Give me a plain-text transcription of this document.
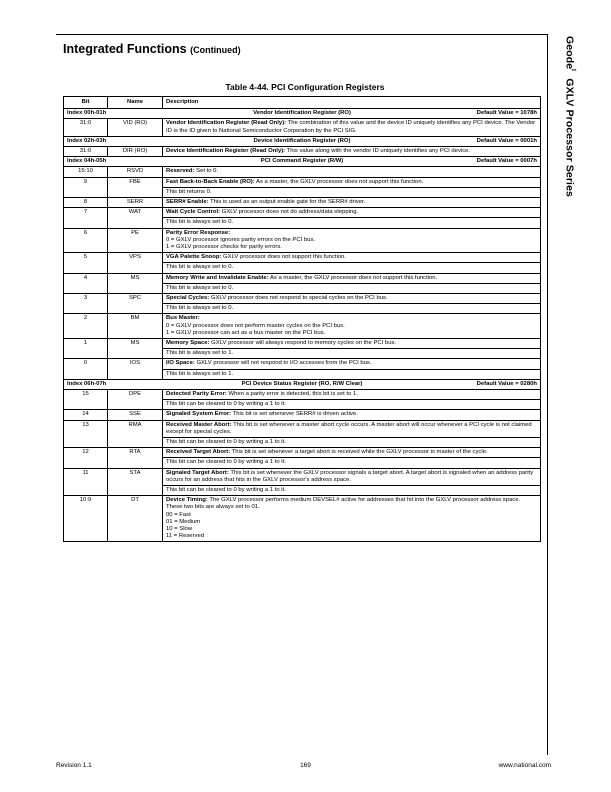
Geode™ GXLV Processor Series
Integrated Functions (Continued)
Table 4-44. PCI Configuration Registers
Bit	Name	Description

Index 00h-01h Vendor Identification Register (RO) Default Value = 1078h		

31:0	VID (RO)	Vendor Identification Register (Read Only): The combination of this value and the device ID uniquely identifies any PCI device. The Vendor ID is the ID given to National Semiconductor Corporation by the PCI SIG.

Index 02h-03h Device Identification Register (RO) Default Value = 0001h		

31:0	DIR (RO)	Device Identification Register (Read Only): This value along with the vendor ID uniquely identifies any PCI device.

Index 04h-05h PCI Command Register (R/W) Default Value = 0007h		

15:10	RSVD	Reserved: Set to 0.

9	FBE	Fast Back-to-Back Enable (RO): As a master, the GXLV processor does not support this function.
This bit returns 0.

8	SERR	SERR# Enable: This is used as an output enable gate for the SERR# driver.

7	WAT	Wait Cycle Control: GXLV processor does not do address/data stepping.
This bit is always set to 0.

6	PE	Parity Error Response:
0 = GXLV processor ignores parity errors on the PCI bus.
1 = GXLV processor checks for parity errors.

5	VPS	VGA Palette Snoop: GXLV processor does not support this function.
This bit is always set to 0.

4	MS	Memory Write and Invalidate Enable: As a master, the GXLV processor does not support this function.
This bit is always set to 0.

3	SPC	Special Cycles: GXLV processor does not respond to special cycles on the PCI bus.
This bit is always set to 0.

2	BM	Bus Master:
0 = GXLV processor does not perform master cycles on the PCI bus.
1 = GXLV processor can act as a bus master on the PCI bus.

1	MS	Memory Space: GXLV processor will always respond to memory cycles on the PCI bus.
This bit is always set to 1.

0	IOS	I/O Space: GXLV processor will not respond to I/O accesses from the PCI bus.
This bit is always set to 1.

Index 06h-07h PCI Device Status Register (RO, R/W Clear) Default Value = 0280h		

15	DPE	Detected Parity Error: When a parity error is detected, this bit is set to 1.
This bit can be cleared to 0 by writing a 1 to it.

14	SSE	Signaled System Error: This bit is set whenever SERR# is driven active.

13	RMA	Received Master Abort: This bit is set whenever a master abort cycle occurs. A master abort will occur whenever a PCI cycle is not claimed except for special cycles.
This bit can be cleared to 0 by writing a 1 to it.

12	RTA	Received Target Abort: This bit is set whenever a target abort is received while the GXLV processor is master of the cycle.
This bit can be cleared to 0 by writing a 1 to it.

11	STA	Signaled Target Abort: This bit is set whenever the GXLV processor signals a target abort. A target abort is signaled when an address parity occurs for an address that hits in the GXLV processor's address space.
This bit can be cleared to 0 by writing a 1 to it.

10:9	DT	Device Timing: The GXLV processor performs medium DEVSEL# active for addresses that hit into the GXLV processor address space. These two bits are always set to 01.
00 = Fast
01 = Medium
10 = Slow
11 = Reserved
Revision 1.1	169	www.national.com
